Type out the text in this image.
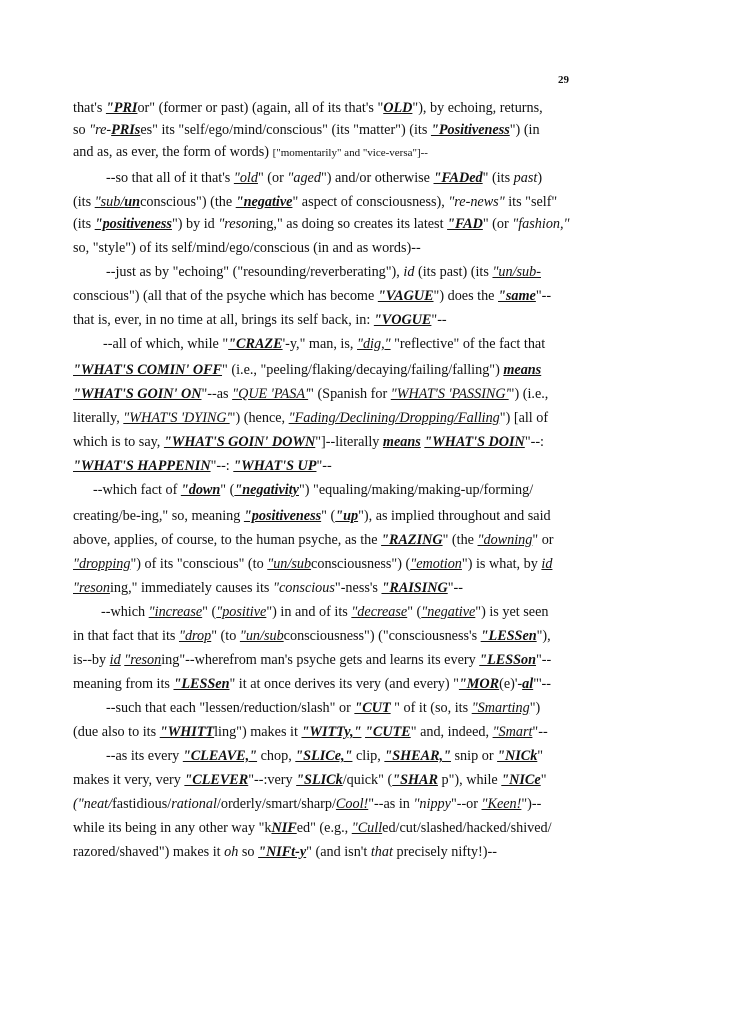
29
that's "PRIor" (former or past) (again, all of its that's "OLD"), by echoing, returns,
so "re-PRIses" its "self/ego/mind/conscious" (its "matter") (its "Positiveness") (in
and as, as ever, the form of words) ["momentarily" and "vice-versa"]--
--so that all of it that's "old" (or "aged") and/or otherwise "FADed" (its past)
(its "sub/unconscious") (the "negative" aspect of consciousness), "re-news" its "self"
(its "positiveness") by id "resoning," as doing so creates its latest "FAD" (or "fashion,"
so, "style") of its self/mind/ego/conscious (in and as words)--
--just as by "echoing" ("resounding/reverberating"), id (its past) (its "un/sub-
conscious") (all that of the psyche which has become "VAGUE") does the "same"--
that is, ever, in no time at all, brings its self back, in: "VOGUE"--
--all of which, while ""CRAZE'-y," man, is, "dig," "reflective" of the fact that
"WHAT'S COMIN' OFF" (i.e., "peeling/flaking/decaying/failing/falling") means
"WHAT'S GOIN' ON"--as "QUE 'PASA'" (Spanish for "WHAT'S 'PASSING'") (i.e.,
literally, "WHAT'S 'DYING'") (hence, "Fading/Declining/Dropping/Falling") [all of
which is to say, "WHAT'S GOIN' DOWN"]--literally means "WHAT'S DOIN"--:
"WHAT'S HAPPENIN"--: "WHAT'S UP"--
--which fact of "down" ("negativity") "equaling/making/making-up/forming/
creating/be-ing," so, meaning "positiveness" ("up"), as implied throughout and said
above, applies, of course, to the human psyche, as the "RAZING" (the "downing" or
"dropping") of its "conscious" (to "un/subconsciousness") ("emotion") is what, by id
"resoning," immediately causes its "conscious"-ness's "RAISING"--
--which "increase" ("positive") in and of its "decrease" ("negative") is yet seen
in that fact that its "drop" (to "un/subconsciousness") ("consciousness's "LESSen"),
is--by id "resoning"--wherefrom man's psyche gets and learns its every "LESSon"--
meaning from its "LESSen" it at once derives its very (and every) ""MOR(e)'-al"'--
--such that each "lessen/reduction/slash" or "CUT " of it (so, its "Smarting")
(due also to its "WHITTling") makes it "WITTy," "CUTE" and, indeed, "Smart"--
--as its every "CLEAVE," chop, "SLICe," clip, "SHEAR," snip or "NICk"
makes it very, very "CLEVER"--:very "SLICk/quick" ("SHAR p"), while "NICe"
("neat/fastidious/rational/orderly/smart/sharp/Cool!"--as in "nippy"--or "Keen!")--
while its being in any other way "kNIFed" (e.g., "Culled/cut/slashed/hacked/shived/
razored/shaved") makes it oh so "NIFt-y" (and isn't that precisely nifty!)--
